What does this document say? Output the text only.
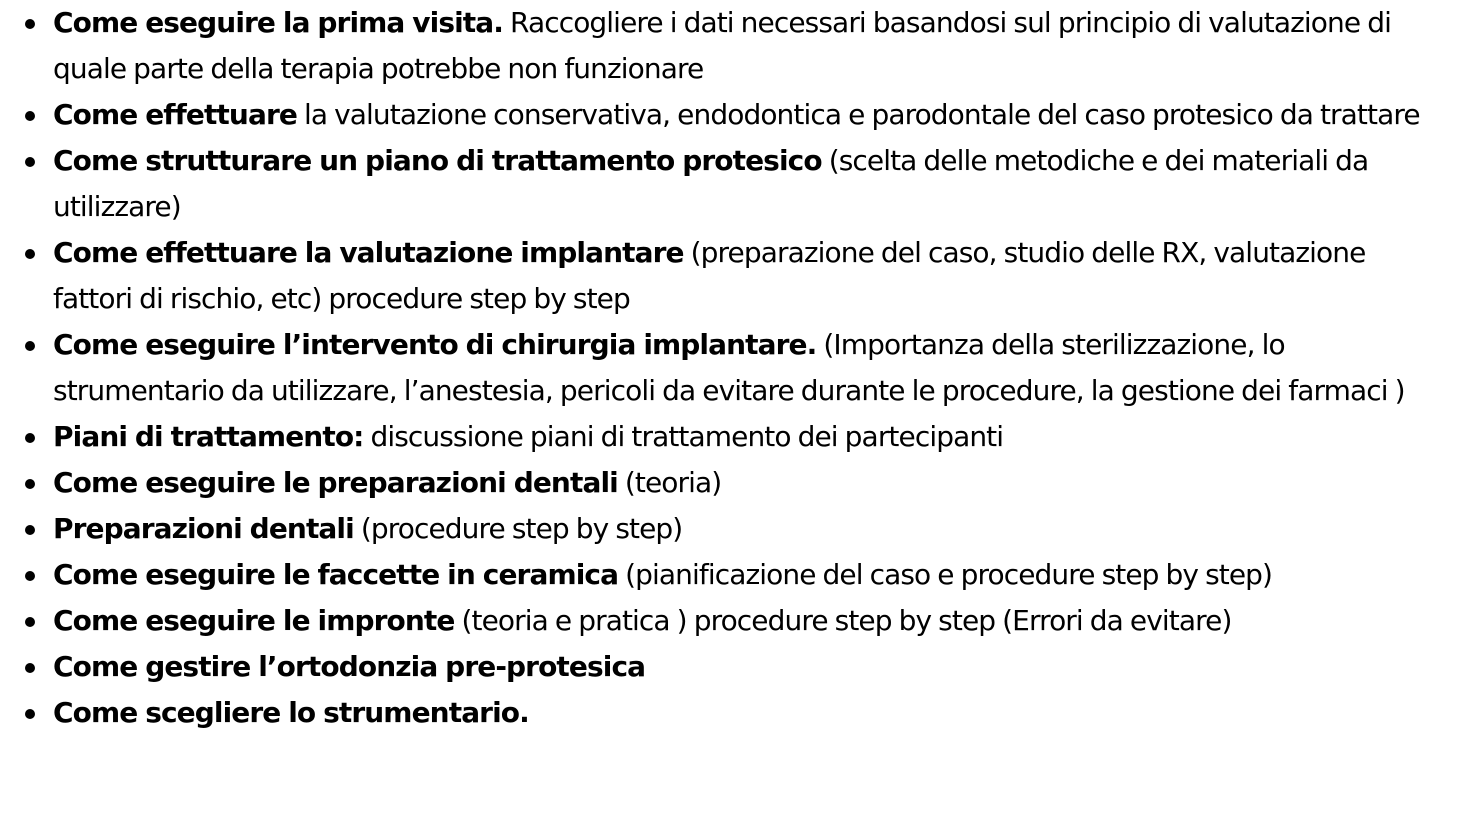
Come eseguire la prima visita. Raccogliere i dati necessari basandosi sul principio di valutazione di quale parte della terapia potrebbe non funzionare
Come effettuare la valutazione conservativa, endodontica e parodontale del caso protesico da trattare
Come strutturare un piano di trattamento protesico (scelta delle metodiche e dei materiali da utilizzare)
Come effettuare la valutazione implantare (preparazione del caso, studio delle RX, valutazione fattori di rischio, etc) procedure step by step
Come eseguire l’intervento di chirurgia implantare. (Importanza della sterilizzazione, lo strumentario da utilizzare, l’anestesia, pericoli da evitare durante le procedure, la gestione dei farmaci )
Piani di trattamento: discussione piani di trattamento dei partecipanti
Come eseguire le preparazioni dentali (teoria)
Preparazioni dentali (procedure step by step)
Come eseguire le faccette in ceramica (pianificazione del caso e procedure step by step)
Come eseguire le impronte (teoria e pratica ) procedure step by step (Errori da evitare)
Come gestire l’ortodonzia pre-protesica
Come scegliere lo strumentario.
